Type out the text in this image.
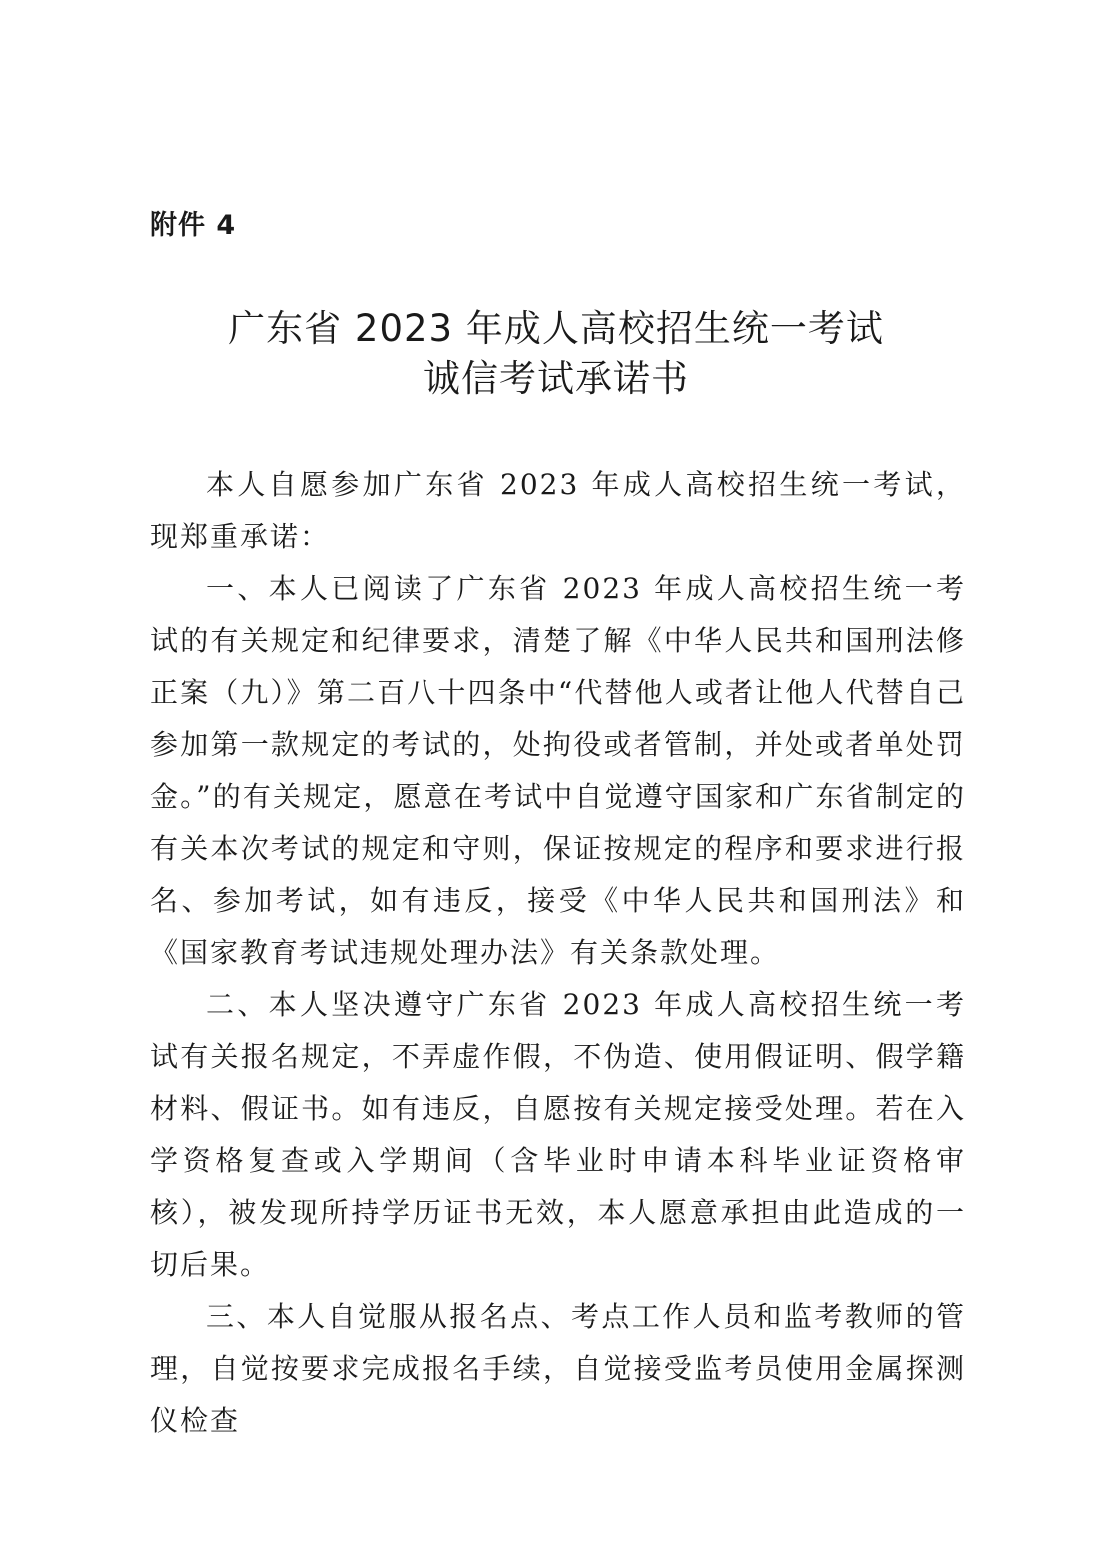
附件 4
广东省 2023 年成人高校招生统一考试
诚信考试承诺书

本人自愿参加广东省 2023 年成人高校招生统一考试，现郑重承诺：

一、本人已阅读了广东省 2023 年成人高校招生统一考试的有关规定和纪律要求，清楚了解《中华人民共和国刑法修正案（九）》第二百八十四条中“代替他人或者让他人代替自己参加第一款规定的考试的，处拘役或者管制，并处或者单处罚金。”的有关规定，愿意在考试中自觉遵守国家和广东省制定的有关本次考试的规定和守则，保证按规定的程序和要求进行报名、参加考试，如有违反，接受《中华人民共和国刑法》和《国家教育考试违规处理办法》有关条款处理。

二、本人坚决遵守广东省 2023 年成人高校招生统一考试有关报名规定，不弄虚作假，不伪造、使用假证明、假学籍材料、假证书。如有违反，自愿按有关规定接受处理。若在入学资格复查或入学期间（含毕业时申请本科毕业证资格审核），被发现所持学历证书无效，本人愿意承担由此造成的一切后果。

三、本人自觉服从报名点、考点工作人员和监考教师的管理，自觉按要求完成报名手续，自觉接受监考员使用金属探测仪检查
